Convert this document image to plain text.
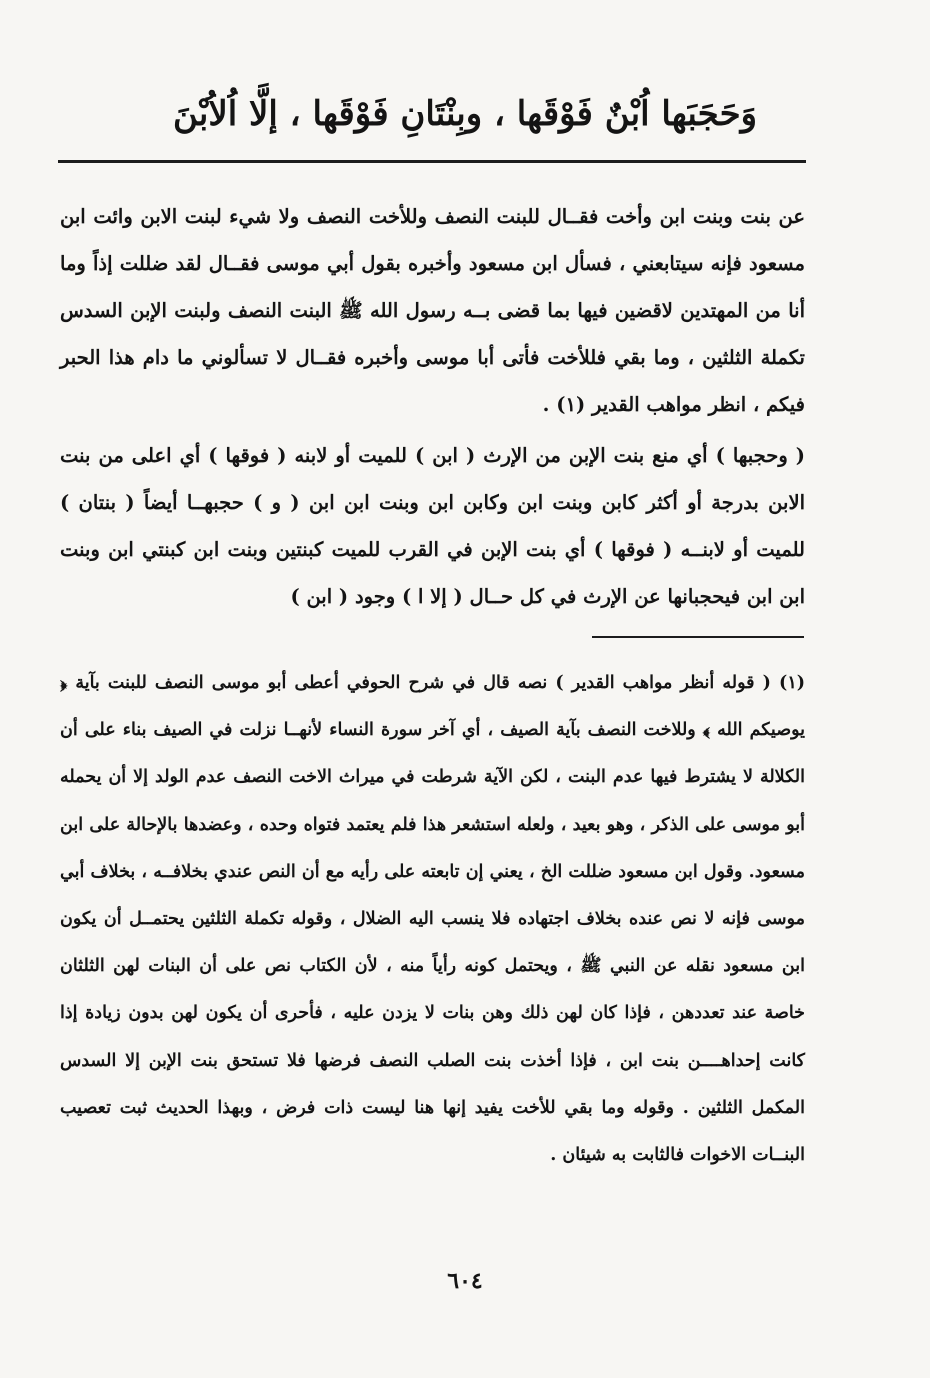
وَحَجَبَها اُبْنٌ فَوْقَها ، وبِنْتَانِ فَوْقَها ، إلَّا اُلاُبْنَ

عن بنت وبنت ابن وأخت فقــال للبنت النصف وللأخت النصف ولا شيء لبنت الابن وائت ابن مسعود فإنه سيتابعني ، فسأل ابن مسعود وأخبره بقول أبي موسى فقــال لقد ضللت إذاً وما أنا من المهتدين لاقضين فيها بما قضى بــه رسول الله ﷺ البنت النصف ولبنت الإبن السدس تكملة الثلثين ، وما بقي فللأخت فأتى أبا موسى وأخبره فقــال لا تسألوني ما دام هذا الحبر فيكم ، انظر مواهب القدير (١) .

( وحجبها ) أي منع بنت الإبن من الإرث ( ابن ) للميت أو لابنه ( فوقها ) أي اعلى من بنت الابن بدرجة أو أكثر كابن وبنت ابن وكابن ابن وبنت ابن ابن ( و ) حجبهــا أيضاً ( بنتان ) للميت أو لابنــه ( فوقها ) أي بنت الإبن في القرب للميت كبنتين وبنت ابن كبنتي ابن وبنت ابن ابن فيحجبانها عن الإرث في كل حــال ( إلا ا ) وجود ( ابن )

(١) ( قوله أنظر مواهب القدير ) نصه قال في شرح الحوفي أعطى أبو موسى النصف للبنت بآية ﴿ يوصيكم الله ﴾ وللاخت النصف بآية الصيف ، أي آخر سورة النساء لأنهــا نزلت في الصيف بناء على أن الكلالة لا يشترط فيها عدم البنت ، لكن الآية شرطت في ميراث الاخت النصف عدم الولد إلا أن يحمله أبو موسى على الذكر ، وهو بعيد ، ولعله استشعر هذا فلم يعتمد فتواه وحده ، وعضدها بالإحالة على ابن مسعود. وقول ابن مسعود ضللت الخ ، يعني إن تابعته على رأيه مع أن النص عندي بخلافــه ، بخلاف أبي موسى فإنه لا نص عنده بخلاف اجتهاده فلا ينسب اليه الضلال ، وقوله تكملة الثلثين يحتمــل أن يكون ابن مسعود نقله عن النبي ﷺ ، ويحتمل كونه رأياً منه ، لأن الكتاب نص على أن البنات لهن الثلثان خاصة عند تعددهن ، فإذا كان لهن ذلك وهن بنات لا يزدن عليه ، فأحرى أن يكون لهن بدون زيادة إذا كانت إحداهــــن بنت ابن ، فإذا أخذت بنت الصلب النصف فرضها فلا تستحق بنت الإبن إلا السدس المكمل الثلثين . وقوله وما بقي للأخت يفيد إنها هنا ليست ذات فرض ، وبهذا الحديث ثبت تعصيب البنــات الاخوات فالثابت به شيئان .

٦٠٤
